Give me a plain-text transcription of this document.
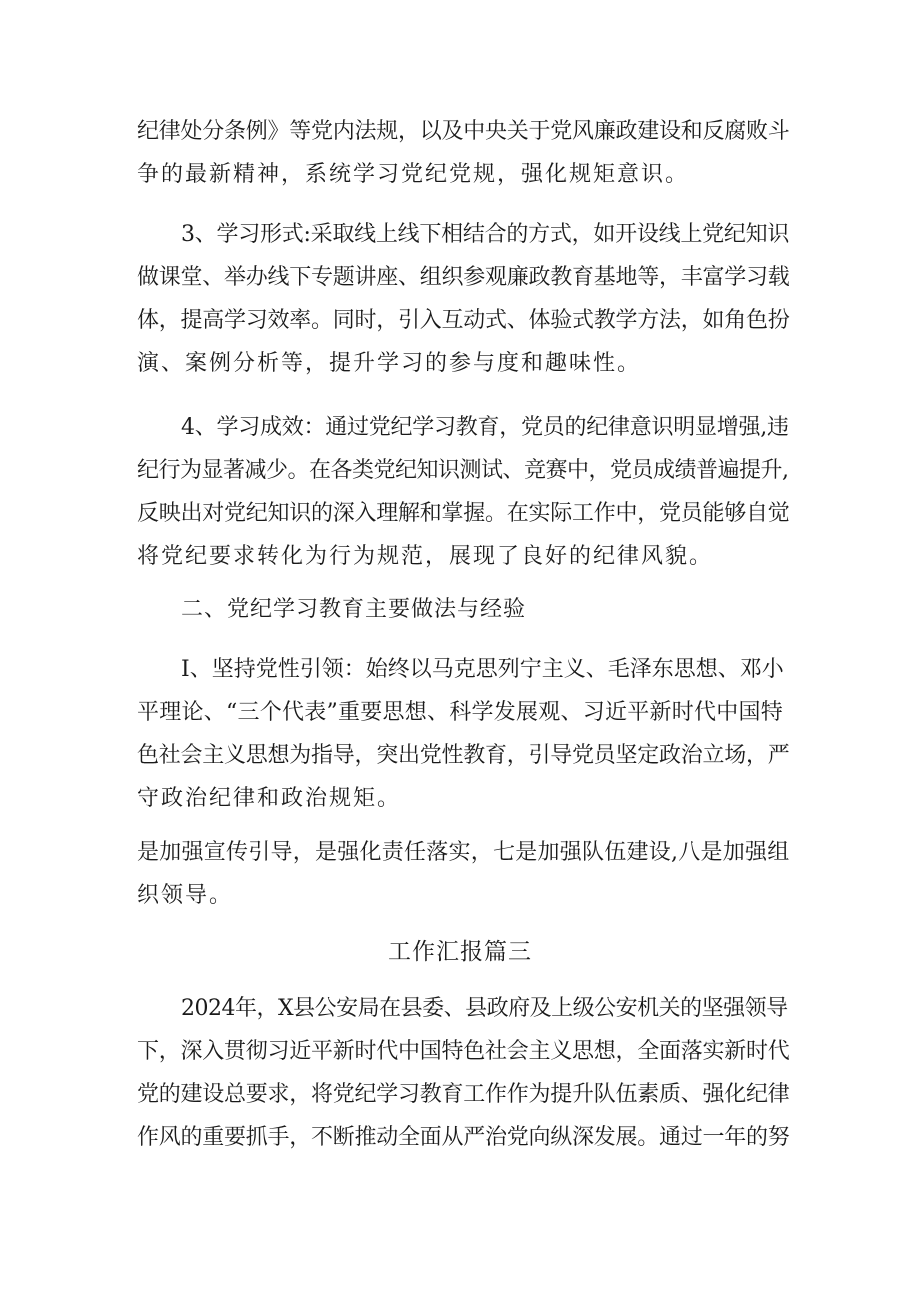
纪律处分条例》等党内法规，以及中央关于党风廉政建设和反腐败斗
争的最新精神，系统学习党纪党规，强化规矩意识。
3、学习形式:采取线上线下相结合的方式，如开设线上党纪知识
做课堂、举办线下专题讲座、组织参观廉政教育基地等，丰富学习载
体，提高学习效率。同时，引入互动式、体验式教学方法，如角色扮
演、案例分析等，提升学习的参与度和趣味性。
4、学习成效：通过党纪学习教育，党员的纪律意识明显增强,违
纪行为显著减少。在各类党纪知识测试、竞赛中，党员成绩普遍提升,
反映出对党纪知识的深入理解和掌握。在实际工作中，党员能够自觉
将党纪要求转化为行为规范，展现了良好的纪律风貌。
二、党纪学习教育主要做法与经验
I、坚持党性引领：始终以马克思列宁主义、毛泽东思想、邓小
平理论、“三个代表”重要思想、科学发展观、习近平新时代中国特
色社会主义思想为指导，突出党性教育，引导党员坚定政治立场，严
守政治纪律和政治规矩。
是加强宣传引导，是强化责任落实，七是加强队伍建设,八是加强组
织领导。
工作汇报篇三
2024年，X县公安局在县委、县政府及上级公安机关的坚强领导
下，深入贯彻习近平新时代中国特色社会主义思想，全面落实新时代
党的建设总要求，将党纪学习教育工作作为提升队伍素质、强化纪律
作风的重要抓手，不断推动全面从严治党向纵深发展。通过一年的努
